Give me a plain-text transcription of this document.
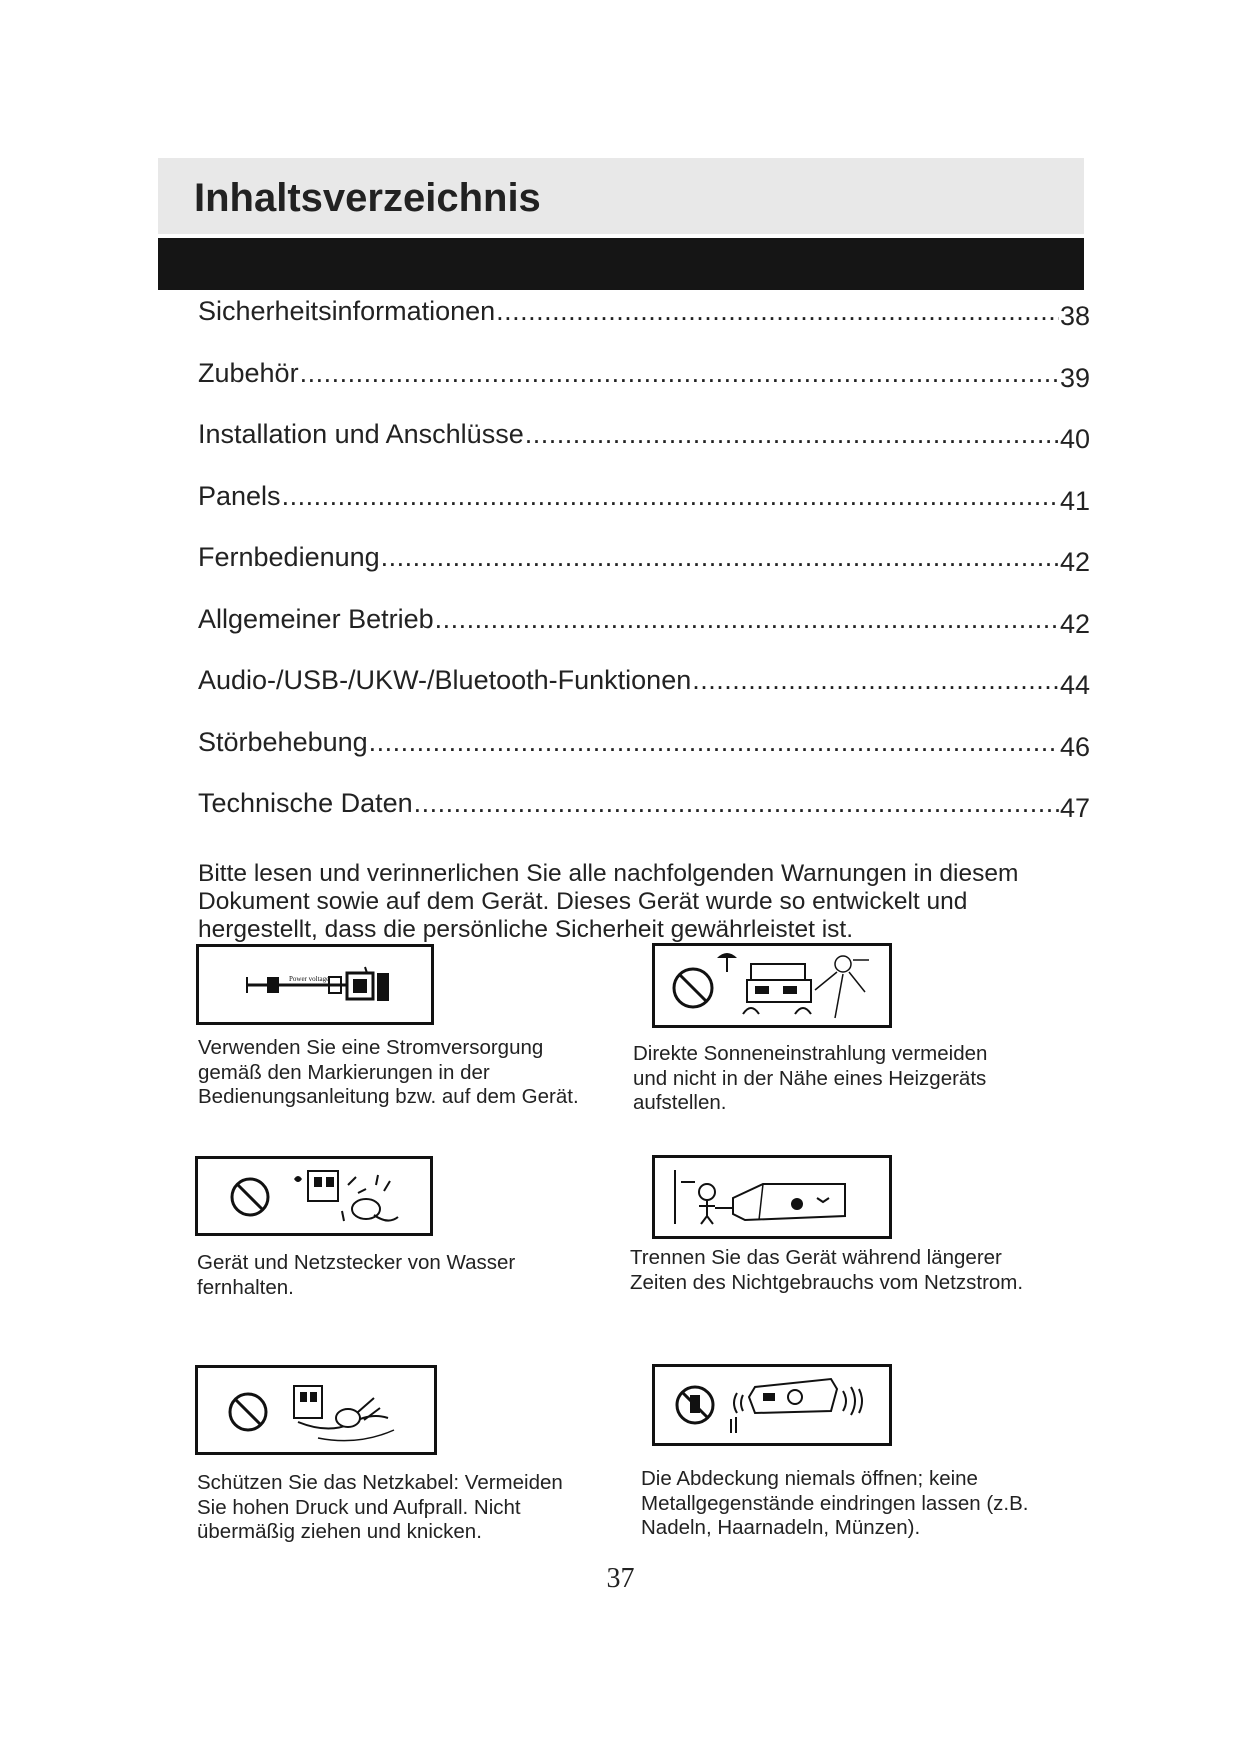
Inhaltsverzeichnis
Sicherheitsinformationen .....	38
Zubehör .....	39
Installation und Anschlüsse .....	40
Panels .....	41
Fernbedienung .....	42
Allgemeiner Betrieb .....	42
Audio-/USB-/UKW-/Bluetooth-Funktionen .....	44
Störbehebung .....	46
Technische Daten .....	47

Bitte lesen und verinnerlichen Sie alle nachfolgenden Warnungen in diesem Dokument sowie auf dem Gerät. Dieses Gerät wurde so entwickelt und hergestellt, dass die persönliche Sicherheit gewährleistet ist.

Power voltage

Verwenden Sie eine Stromversorgung
gemäß den Markierungen in der
Bedienungsanleitung bzw. auf dem Gerät.

Direkte Sonneneinstrahlung vermeiden
und nicht in der Nähe eines Heizgeräts
aufstellen.

Gerät und Netzstecker von Wasser
fernhalten.

Trennen Sie das Gerät während längerer
Zeiten des Nichtgebrauchs vom Netzstrom.

Schützen Sie das Netzkabel: Vermeiden
Sie hohen Druck und Aufprall. Nicht
übermäßig ziehen und knicken.

Die Abdeckung niemals öffnen; keine
Metallgegenstände eindringen lassen (z.B.
Nadeln, Haarnadeln, Münzen).

37
